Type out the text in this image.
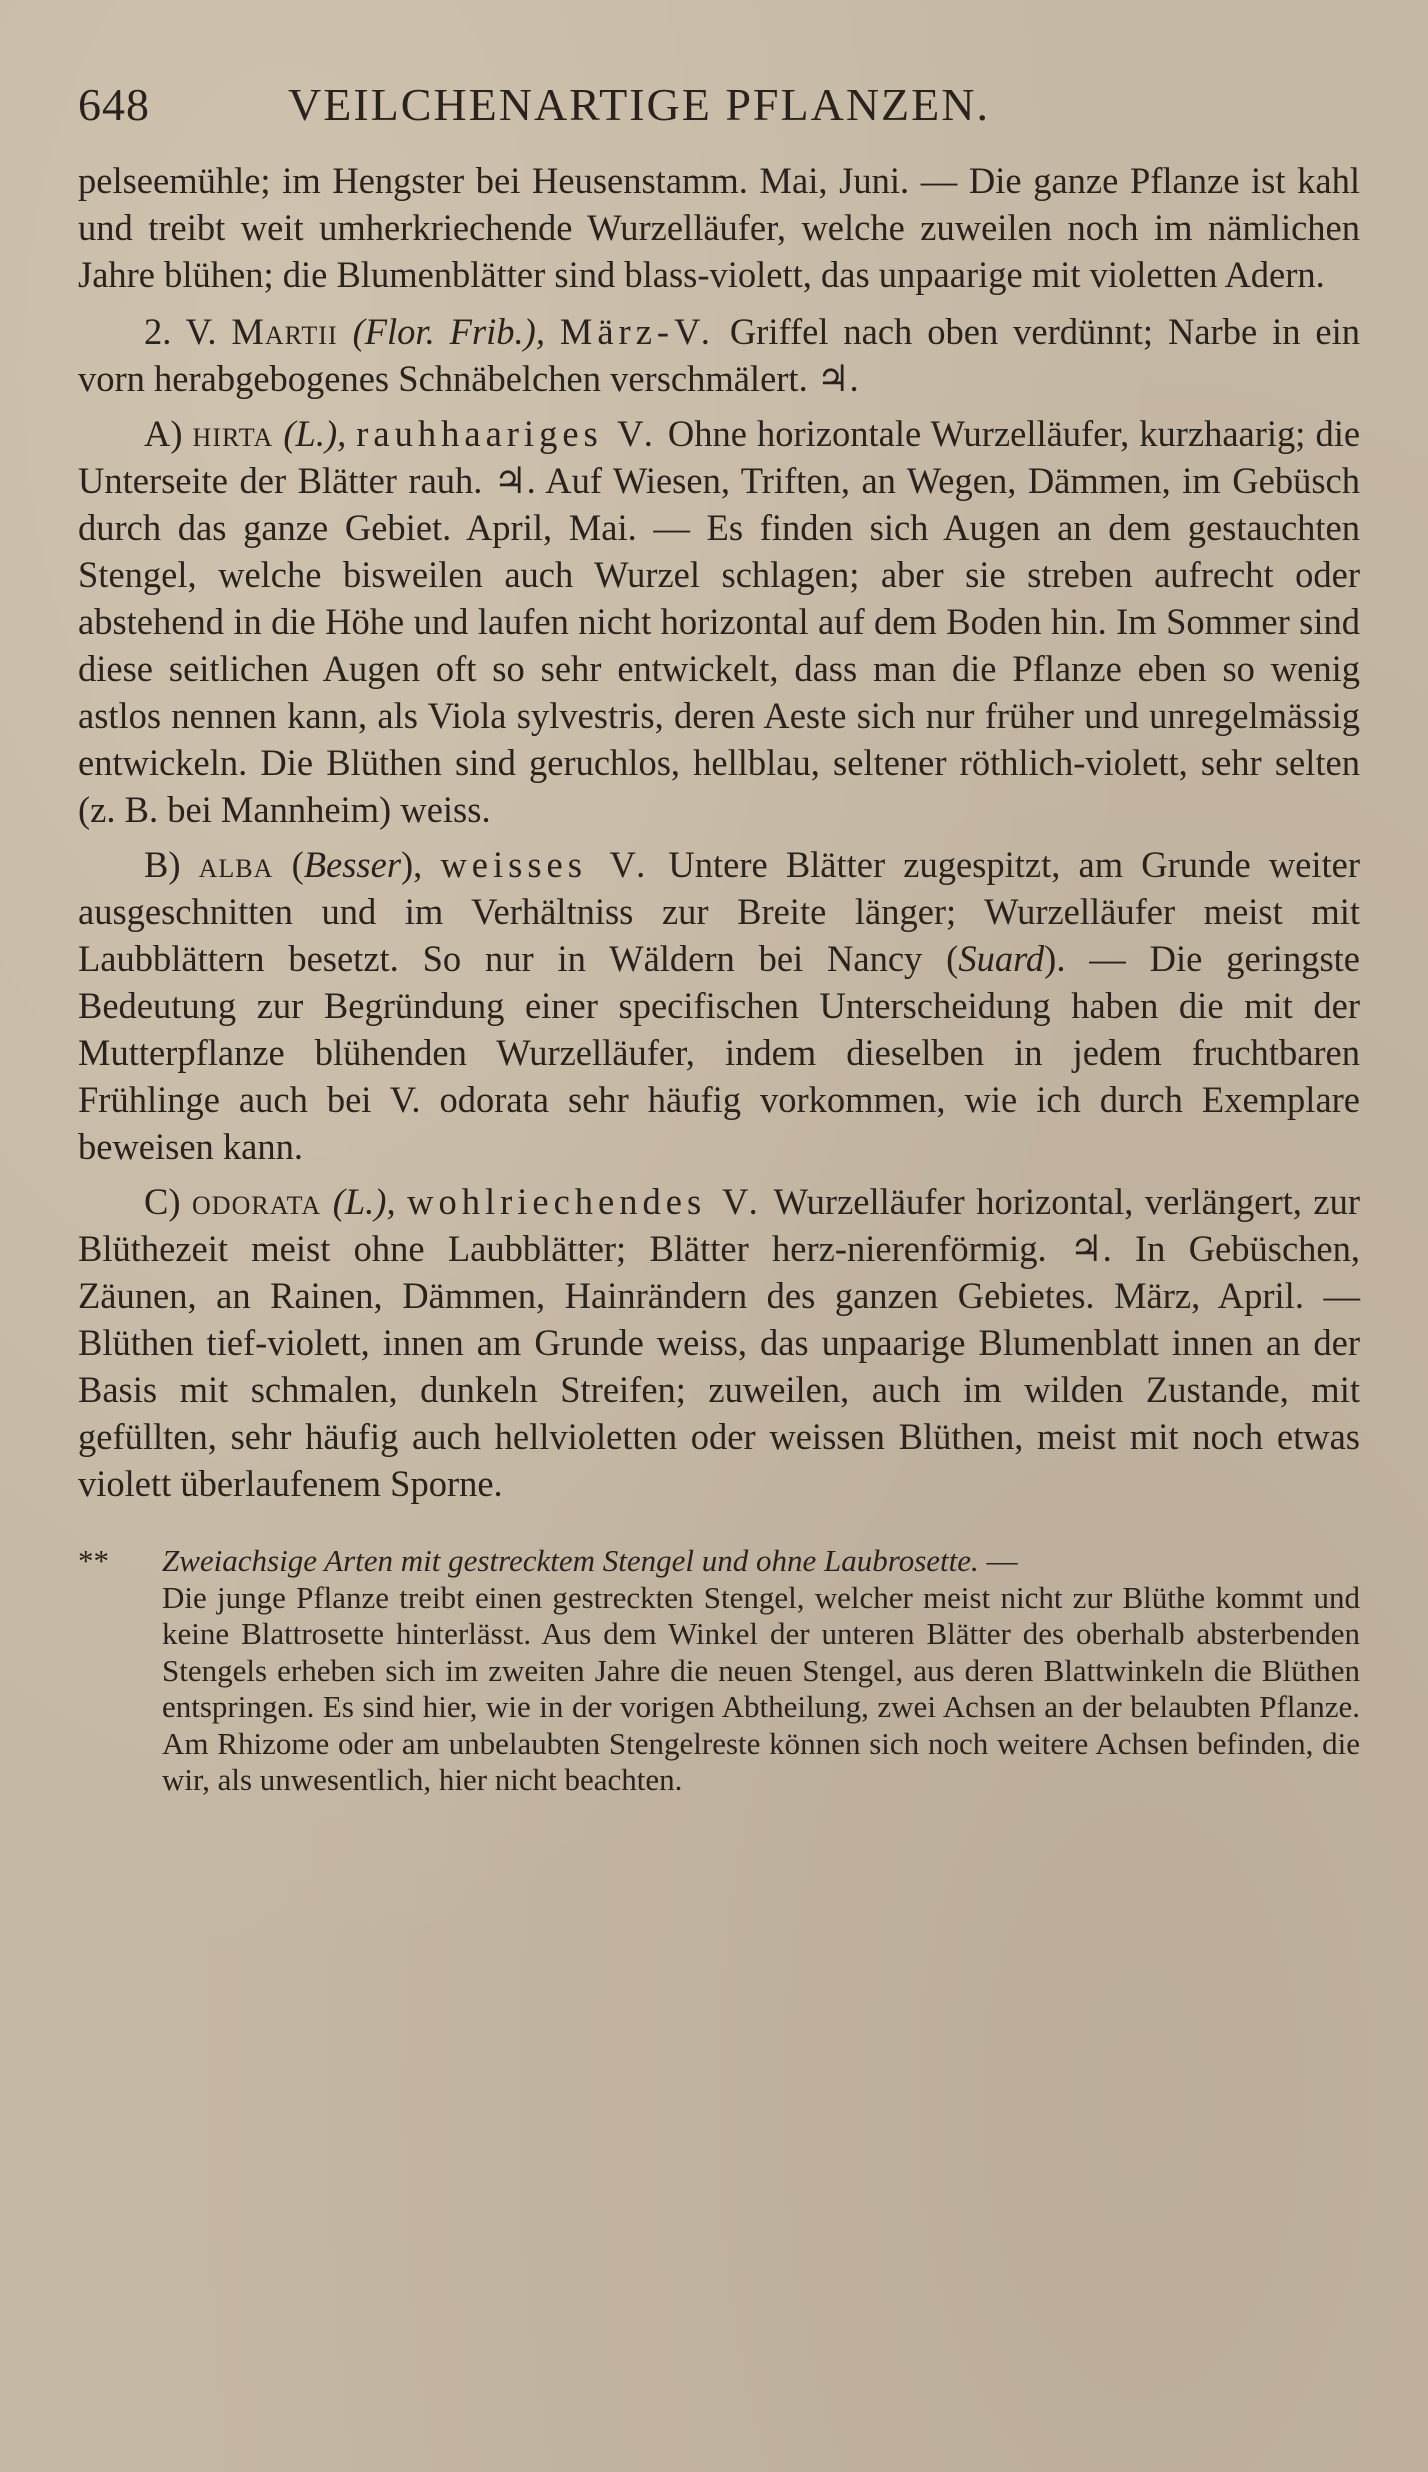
648	VEILCHENARTIGE PFLANZEN.

pelseemühle; im Hengster bei Heusenstamm. Mai, Juni. — Die ganze Pflanze ist kahl und treibt weit umherkriechende Wurzelläufer, welche zuweilen noch im nämlichen Jahre blühen; die Blumenblätter sind blass-violett, das unpaarige mit violetten Adern.

2. V. Martii (Flor. Frib.), März-V. Griffel nach oben verdünnt; Narbe in ein vorn herabgebogenes Schnäbelchen verschmälert. ♃.

A) hirta (L.), rauhhaariges V. Ohne horizontale Wurzelläufer, kurzhaarig; die Unterseite der Blätter rauh. ♃. Auf Wiesen, Triften, an Wegen, Dämmen, im Gebüsch durch das ganze Gebiet. April, Mai. — Es finden sich Augen an dem gestauchten Stengel, welche bisweilen auch Wurzel schlagen; aber sie streben aufrecht oder abstehend in die Höhe und laufen nicht horizontal auf dem Boden hin. Im Sommer sind diese seitlichen Augen oft so sehr entwickelt, dass man die Pflanze eben so wenig astlos nennen kann, als Viola sylvestris, deren Aeste sich nur früher und unregelmässig entwickeln. Die Blüthen sind geruchlos, hellblau, seltener röthlich-violett, sehr selten (z. B. bei Mannheim) weiss.

B) alba (Besser), weisses V. Untere Blätter zugespitzt, am Grunde weiter ausgeschnitten und im Verhältniss zur Breite länger; Wurzelläufer meist mit Laubblättern besetzt. So nur in Wäldern bei Nancy (Suard). — Die geringste Bedeutung zur Begründung einer specifischen Unterscheidung haben die mit der Mutterpflanze blühenden Wurzelläufer, indem dieselben in jedem fruchtbaren Frühlinge auch bei V. odorata sehr häufig vorkommen, wie ich durch Exemplare beweisen kann.

C) odorata (L.), wohlriechendes V. Wurzelläufer horizontal, verlängert, zur Blüthezeit meist ohne Laubblätter; Blätter herz-nierenförmig. ♃. In Gebüschen, Zäunen, an Rainen, Dämmen, Hainrändern des ganzen Gebietes. März, April. — Blüthen tief-violett, innen am Grunde weiss, das unpaarige Blumenblatt innen an der Basis mit schmalen, dunkeln Streifen; zuweilen, auch im wilden Zustande, mit gefüllten, sehr häufig auch hellvioletten oder weissen Blüthen, meist mit noch etwas violett überlaufenem Sporne.

** Zweiachsige Arten mit gestrecktem Stengel und ohne Laubrosette. —

Die junge Pflanze treibt einen gestreckten Stengel, welcher meist nicht zur Blüthe kommt und keine Blattrosette hinterlässt. Aus dem Winkel der unteren Blätter des oberhalb absterbenden Stengels erheben sich im zweiten Jahre die neuen Stengel, aus deren Blattwinkeln die Blüthen entspringen. Es sind hier, wie in der vorigen Abtheilung, zwei Achsen an der belaubten Pflanze. Am Rhizome oder am unbelaubten Stengelreste können sich noch weitere Achsen befinden, die wir, als unwesentlich, hier nicht beachten.
